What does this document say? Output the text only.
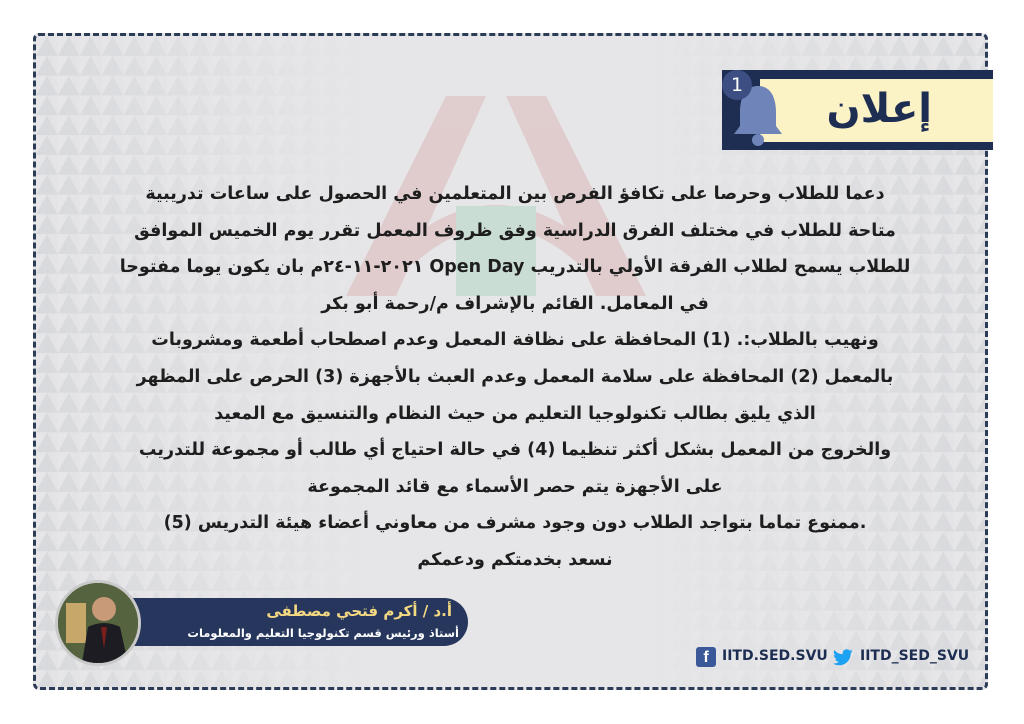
إعلان
1

دعما للطلاب وحرصا على تكافؤ الفرص بين المتعلمين في الحصول على ساعات تدريبية

متاحة للطلاب في مختلف الفرق الدراسية وفق ظروف المعمل تقرر يوم الخميس الموافق

للطلاب يسمح لطلاب الفرقة الأولي بالتدريب Open Day ٢٠٢١-١١-٢٤م بان يكون يوما مفتوحا

في المعامل. القائم بالإشراف م/رحمة أبو بكر

ونهيب بالطلاب:. (1) المحافظة على نظافة المعمل وعدم اصطحاب أطعمة ومشروبات

بالمعمل (2) المحافظة على سلامة المعمل وعدم العبث بالأجهزة (3) الحرص على المظهر

الذي يليق بطالب تكنولوجيا التعليم من حيث النظام والتنسيق مع المعيد

والخروج من المعمل بشكل أكثر تنظيما (4) في حالة احتياج أي طالب أو مجموعة للتدريب

على الأجهزة يتم حصر الأسماء مع قائد المجموعة

.ممنوع تماما بتواجد الطلاب دون وجود مشرف من معاوني أعضاء هيئة التدريس (5)

نسعد بخدمتكم ودعمكم

أ.د / أكرم فتحي مصطفى
أستاذ ورئيس قسم تكنولوجيا التعليم والمعلومات
f IITD.SED.SVU IITD_SED_SVU
